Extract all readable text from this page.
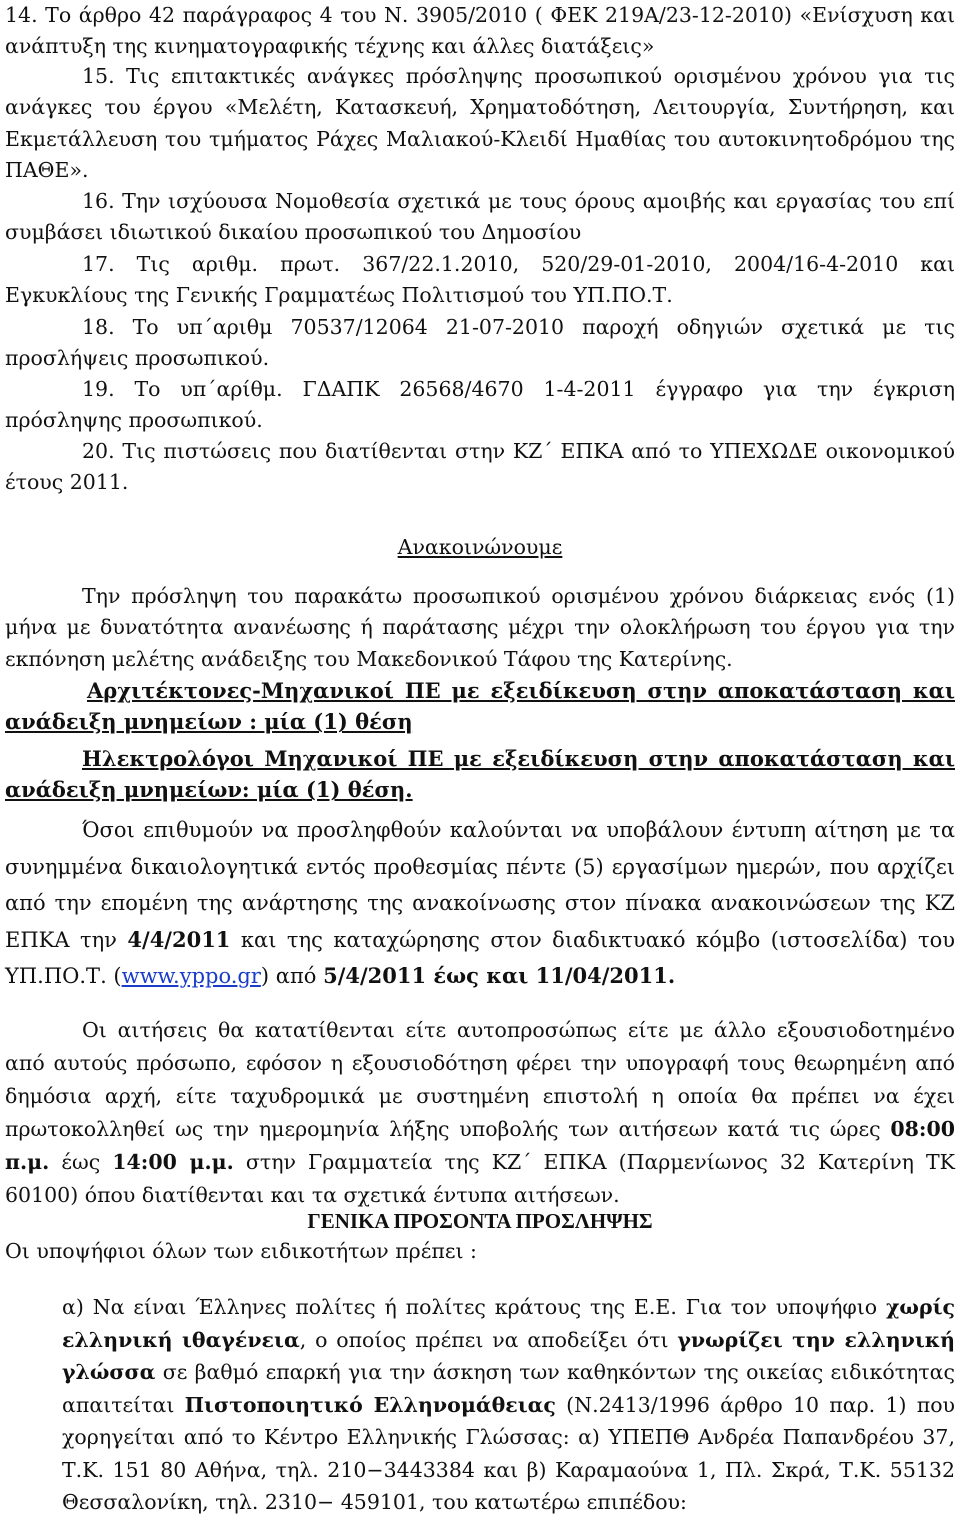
14. Το άρθρο 42 παράγραφος 4 του Ν. 3905/2010 ( ΦΕΚ 219Α/23-12-2010) «Ενίσχυση και ανάπτυξη της κινηματογραφικής τέχνης και άλλες διατάξεις»

15. Τις επιτακτικές ανάγκες πρόσληψης προσωπικού ορισμένου χρόνου για τις ανάγκες του έργου «Μελέτη, Κατασκευή, Χρηματοδότηση, Λειτουργία, Συντήρηση, και Εκμετάλλευση του τμήματος Ράχες Μαλιακού-Κλειδί Ημαθίας του αυτοκινητοδρόμου της ΠΑΘΕ».

16. Την ισχύουσα Νομοθεσία σχετικά με τους όρους αμοιβής και εργασίας του επί συμβάσει ιδιωτικού δικαίου προσωπικού του Δημοσίου

17. Τις αριθμ. πρωτ. 367/22.1.2010, 520/29-01-2010, 2004/16-4-2010 και Εγκυκλίους της Γενικής Γραμματέως Πολιτισμού του ΥΠ.ΠΟ.Τ.

18. Το υπ΄αριθμ 70537/12064 21-07-2010 παροχή οδηγιών σχετικά με τις προσλήψεις προσωπικού.

19. Το υπ΄αρίθμ. ΓΔΑΠΚ 26568/4670 1-4-2011 έγγραφο για την έγκριση πρόσληψης προσωπικού.

20. Τις πιστώσεις που διατίθενται στην ΚΖ΄ ΕΠΚΑ από το ΥΠΕΧΩΔΕ οικονομικού έτους 2011.

Ανακοινώνουμε

Την πρόσληψη του παρακάτω προσωπικού ορισμένου χρόνου διάρκειας ενός (1) μήνα με δυνατότητα ανανέωσης ή παράτασης μέχρι την ολοκλήρωση του έργου για την εκπόνηση μελέτης ανάδειξης του Μακεδονικού Τάφου της Κατερίνης.

Αρχιτέκτονες-Μηχανικοί ΠΕ με εξειδίκευση στην αποκατάσταση και ανάδειξη μνημείων : μία (1) θέση

Ηλεκτρολόγοι Μηχανικοί ΠΕ με εξειδίκευση στην αποκατάσταση και ανάδειξη μνημείων: μία (1) θέση.

Όσοι επιθυμούν να προσληφθούν καλούνται να υποβάλουν έντυπη αίτηση με τα συνημμένα δικαιολογητικά εντός προθεσμίας πέντε (5) εργασίμων ημερών, που αρχίζει από την επομένη της ανάρτησης της ανακοίνωσης στον πίνακα ανακοινώσεων της ΚΖ ΕΠΚΑ την 4/4/2011 και της καταχώρησης στον διαδικτυακό κόμβο (ιστοσελίδα) του ΥΠ.ΠΟ.Τ. (www.yppo.gr) από 5/4/2011 έως και 11/04/2011.

Οι αιτήσεις θα κατατίθενται είτε αυτοπροσώπως είτε με άλλο εξουσιοδοτημένο από αυτούς πρόσωπο, εφόσον η εξουσιοδότηση φέρει την υπογραφή τους θεωρημένη από δημόσια αρχή, είτε ταχυδρομικά με συστημένη επιστολή η οποία θα πρέπει να έχει πρωτοκολληθεί ως την ημερομηνία λήξης υποβολής των αιτήσεων κατά τις ώρες 08:00 π.μ. έως 14:00 μ.μ. στην Γραμματεία της ΚΖ΄ ΕΠΚΑ (Παρμενίωνος 32 Κατερίνη ΤΚ 60100) όπου διατίθενται και τα σχετικά έντυπα αιτήσεων.

ΓΕΝΙΚΑ ΠΡΟΣΟΝΤΑ ΠΡΟΣΛΗΨΗΣ

Οι υποψήφιοι όλων των ειδικοτήτων πρέπει :

α) Να είναι Έλληνες πολίτες ή πολίτες κράτους της Ε.Ε. Για τον υποψήφιο χωρίς ελληνική ιθαγένεια, ο οποίος πρέπει να αποδείξει ότι γνωρίζει την ελληνική γλώσσα σε βαθμό επαρκή για την άσκηση των καθηκόντων της οικείας ειδικότητας απαιτείται Πιστοποιητικό Ελληνομάθειας (Ν.2413/1996 άρθρο 10 παρ. 1) που χορηγείται από το Κέντρο Ελληνικής Γλώσσας: α) ΥΠΕΠΘ Ανδρέα Παπανδρέου 37, Τ.Κ. 151 80 Αθήνα, τηλ. 210−3443384 και β) Καραμαούνα 1, Πλ. Σκρά, Τ.Κ. 55132 Θεσσαλονίκη, τηλ. 2310− 459101, του κατωτέρω επιπέδου:
